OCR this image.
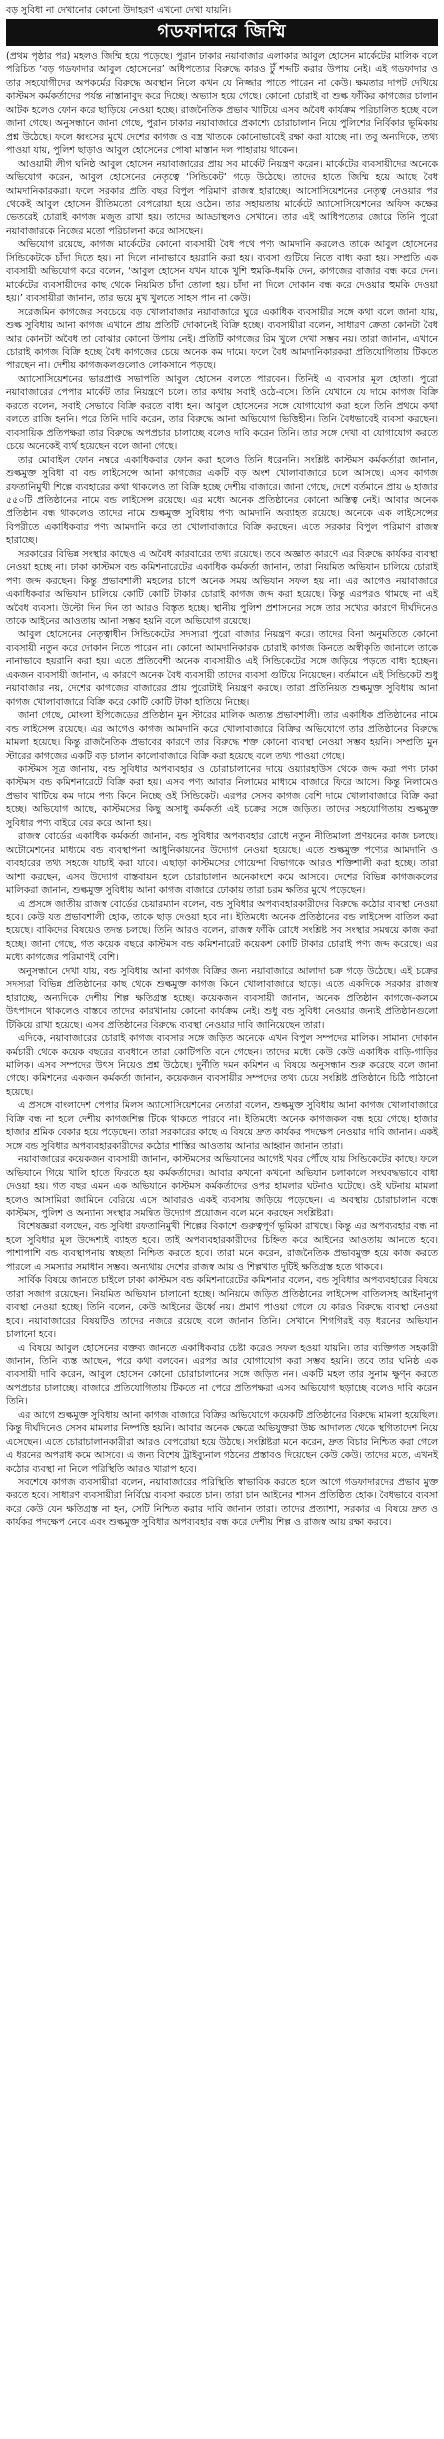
বড় সুবিধা না দেখানোর কোনো উদাহরণ এখনো দেখা যায়নি।
গডফাদারে জিম্মি

(প্রথম পৃষ্ঠার পর) মহলও জিম্মি হয়ে পড়েছে। পুরান ঢাকার নয়াবাজার এলাকার আবুল হোসেন মার্কেটের মালিক বলে পরিচিত ‘বড় গডফাদার আবুল হোসেনের’ অধিপত্যের বিরুদ্ধে কারও টুঁ শব্দটি করার উপায় নেই। এই গডফাদার ও তার সহযোগীদের অপকর্মের বিরুদ্ধে অবস্থান নিলে কখন যে নিজ্জার পাতে পারেন না কেউ। ক্ষমতার দাপট দেখিয়ে কাস্টমস কর্মকর্তাদের পর্যন্ত নাস্তানাবুদ করে দিচ্ছে। অভ্যাস হয়ে গেছে। কোনো চোরাই বা শুল্ক ফাঁকির কাগজের চালান আটক হলেও ফোন করে ছাড়িয়ে নেওয়া হচ্ছে। রাজনৈতিক প্রভাব খাটিয়ে এসব অবৈধ কার্যক্রম পরিচালিত হচ্ছে বলে জানা গেছে। অনুসন্ধানে জানা গেছে, পুরান ঢাকার নয়াবাজারে প্রকাশ্যে চোরাচালান নিয়ে পুলিশের নির্বিকার ভূমিকায় প্রশ্ন উঠেছে। ফলে ধ্বংসের মুখে দেশের কাগজ ও বস্ত্র খাতকে কোনোভাবেই রক্ষা করা যাচ্ছে না। তবু অন্যদিকে, তথ্য পাওয়া যায়, পুলিশ ছাড়াও আবুল হোসেনের পোষা মাস্তান দল পাহারায় থাকেন।

আওয়ামী লীগ ঘনিষ্ঠ আবুল হোসেন নয়াবাজারের প্রায় সব মার্কেট নিয়ন্ত্রণ করেন। মার্কেটের ব্যবসায়ীদের অনেকে অভিযোগ করেন, আবুল হোসেনের নেতৃত্বে ‘সিন্ডিকেট’ গড়ে উঠেছে। তাদের হাতে জিম্মি হয়ে আছে বৈধ আমদানিকারকরা। ফলে সরকার প্রতি বছর বিপুল পরিমাণ রাজস্ব হারাচ্ছে। আসোসিয়েশনের নেতৃত্ব নেওয়ার পর থেকেই আবুল হোসেন রীতিমতো বেপরোয়া হয়ে ওঠেন। তার সহায়তায় মার্কেটে অ্যাসোসিয়েশনের অফিস কক্ষের ভেতরেই চোরাই কাগজ মজুত রাখা হয়। তাদের আড্ডাস্থলও সেখানে। তার এই আধিপত্যের জোরে তিনি পুরো নয়াবাজারকে নিজের মতো পরিচালনা করে আসছেন।

অভিযোগ রয়েছে, কাগজ মার্কেটের কোনো ব্যবসায়ী বৈধ পথে পণ্য আমদানি করলেও তাকে আবুল হোসেনের সিন্ডিকেটকে চাঁদা দিতে হয়। না দিলে নানাভাবে হয়রানি করা হয়। ব্যবসা গুটিয়ে নিতে বাধ্য করা হয়। সম্প্রতি এক ব্যবসায়ী অভিযোগ করে বলেন, ‘আবুল হোসেন যখন যাকে খুশি হুমকি-ধমকি দেন, কাগজের বাজার বন্ধ করে দেন। মার্কেটের ব্যবসায়ীদের কাছ থেকে নিয়মিত চাঁদা তোলা হয়। চাঁদা না দিলে দোকান বন্ধ করে দেওয়ার হুমকি দেওয়া হয়।’ ব্যবসায়ীরা জানান, তার ভয়ে মুখ খুলতে সাহস পান না কেউ।

সরেজমিন কাগজের সবচেয়ে বড় খোলাবাজার নয়াবাজারে ঘুরে একাধিক ব্যবসায়ীর সঙ্গে কথা বলে জানা যায়, শুল্ক সুবিধায় আনা কাগজ এখানে প্রায় প্রতিটি দোকানেই বিক্রি হচ্ছে। ব্যবসায়ীরা বলেন, সাধারণ ক্রেতা কোনটা বৈধ আর কোনটা অবৈধ তা বোঝার কোনো উপায় নেই। প্রতিটি কাগজের রিম খুলে দেখা সম্ভব নয়। তারা জানান, এখানে চোরাই কাগজ বিক্রি হচ্ছে বৈধ কাগজের চেয়ে অনেক কম দামে। ফলে বৈধ আমদানিকারকরা প্রতিযোগিতায় টিকতে পারছেন না। দেশীয় কাগজকলগুলোও লোকসানে পড়ছে।

অ্যাসোসিয়েশনের ভারপ্রাপ্ত সভাপতি আবুল হোসেন বলতে পারবেন। তিনিই এ ব্যবসার মূল হোতা। পুরো নয়াবাজারের পেপার মার্কেট তার নিয়ন্ত্রণে চলে। তার কথায় সবাই ওঠে-বসে। তিনি যেখানে যে দামে কাগজ বিক্রি করতে বলেন, সবাই সেভাবে বিক্রি করতে বাধ্য হন। আবুল হোসেনের সঙ্গে যোগাযোগ করা হলে তিনি প্রথমে কথা বলতে রাজি হননি। পরে তিনি দাবি করেন, তার বিরুদ্ধে আনা অভিযোগ ভিত্তিহীন। তিনি বৈধভাবেই ব্যবসা করছেন। ব্যবসায়িক প্রতিপক্ষরা তার বিরুদ্ধে অপপ্রচার চালাচ্ছে বলেও দাবি করেন তিনি। তার সঙ্গে দেখা বা যোগাযোগ করতে চেয়ে অনেকেই ব্যর্থ হয়েছেন বলে জানা গেছে।

তার মোবাইল ফোন নম্বরে একাধিকবার ফোন করা হলেও তিনি ধরেননি। সংশ্লিষ্ট কাস্টমস কর্মকর্তারা জানান, শুল্কমুক্ত সুবিধা বা বন্ড লাইসেন্সে আনা কাগজের একটি বড় অংশ খোলাবাজারে চলে আসছে। এসব কাগজ রফতানিমুখী শিল্পে ব্যবহারের কথা থাকলেও তা বিক্রি হচ্ছে দেশীয় বাজারে। জানা গেছে, দেশে বর্তমানে প্রায় ৬ হাজার ৫৫০টি প্রতিষ্ঠানের নামে বন্ড লাইসেন্স রয়েছে। এর মধ্যে অনেক প্রতিষ্ঠানের কোনো অস্তিত্ব নেই। আবার অনেক প্রতিষ্ঠান বন্ধ থাকলেও তাদের নামে শুল্কমুক্ত সুবিধায় পণ্য আমদানি অব্যাহত রয়েছে। অনেকে এক লাইসেন্সের বিপরীতে একাধিকবার পণ্য আমদানি করে তা খোলাবাজারে বিক্রি করছেন। এতে সরকার বিপুল পরিমাণ রাজস্ব হারাচ্ছে।

সরকারের বিভিন্ন সংস্থার কাছেও এ অবৈধ কারবারের তথ্য রয়েছে। তবে অজ্ঞাত কারণে এর বিরুদ্ধে কার্যকর ব্যবস্থা নেওয়া হচ্ছে না। ঢাকা কাস্টমস বন্ড কমিশনারেটের একাধিক কর্মকর্তা জানান, তারা নিয়মিত অভিযান চালিয়ে চোরাই পণ্য জব্দ করছেন। কিন্তু প্রভাবশালী মহলের চাপে অনেক সময় অভিযান সফল হয় না। এর আগেও নয়াবাজারে একাধিকবার অভিযান চালিয়ে কোটি কোটি টাকার চোরাই কাগজ জব্দ করা হয়েছে। কিন্তু এরপরও থামছে না এই অবৈধ ব্যবসা। উল্টো দিন দিন তা আরও বিস্তৃত হচ্ছে। স্থানীয় পুলিশ প্রশাসনের সঙ্গে তার সখ্যের কারণে দীর্ঘদিনেও তাকে আইনের আওতায় আনা সম্ভব হয়নি বলে অভিযোগ রয়েছে।

আবুল হোসেনের নেতৃত্বাধীন সিন্ডিকেটের সদস্যরা পুরো বাজার নিয়ন্ত্রণ করে। তাদের বিনা অনুমতিতে কোনো ব্যবসায়ী নতুন করে দোকান নিতে পারেন না। কোনো আমদানিকারক চোরাই কাগজ কিনতে অস্বীকৃতি জানালে তাকে নানাভাবে হয়রানি করা হয়। এতে প্রতিবেশী অনেক ব্যবসায়ীও এই সিন্ডিকেটের সঙ্গে জড়িয়ে পড়তে বাধ্য হচ্ছেন। একজন ব্যবসায়ী জানান, এ কারণে অনেক বৈধ ব্যবসায়ী তাদের ব্যবসা গুটিয়ে নিয়েছেন। বর্তমানে এই সিন্ডিকেট শুধু নয়াবাজার নয়, দেশের কাগজের বাজারের প্রায় পুরোটাই নিয়ন্ত্রণ করছে। তারা প্রতিনিয়ত শুল্কমুক্ত সুবিধায় আনা কাগজ খোলাবাজারে বিক্রি করে কোটি কোটি টাকা হাতিয়ে নিচ্ছে।

জানা গেছে, মোংলা ইপিজেডের প্রতিষ্ঠান মুন স্টারের মালিক অত্যন্ত প্রভাবশালী। তার একাধিক প্রতিষ্ঠানের নামে বন্ড লাইসেন্স রয়েছে। এর আগেও কাগজ আমদানি করে খোলাবাজারে বিক্রির অভিযোগে তার প্রতিষ্ঠানের বিরুদ্ধে মামলা হয়েছে। কিন্তু রাজনৈতিক প্রভাবের কারণে তার বিরুদ্ধে শক্ত কোনো ব্যবস্থা নেওয়া সম্ভব হয়নি। সম্প্রতি মুন স্টারের কাগজের একটি বড় চালান কালোবাজারে বিক্রি করা হয়েছে বলে তথ্য পাওয়া গেছে।

কাস্টমস সূত্র জানায়, বন্ড সুবিধার অপব্যবহার ও চোরাচালানের দায়ে ওয়্যারহাউস থেকে জব্দ করা পণ্য ঢাকা কাস্টমস বন্ড কমিশনারেটে বিক্রি করা হয়। এসব পণ্য আবার নিলামের মাধ্যমে বাজারে ফিরে আসে। কিন্তু নিলামেও প্রভাব খাটিয়ে কম দামে পণ্য কিনে নিচ্ছে ওই সিন্ডিকেট। এরপর সেসব কাগজ বেশি দামে খোলাবাজারে বিক্রি করা হচ্ছে। অভিযোগ আছে, কাস্টমসের কিছু অসাধু কর্মকর্তা এই চক্রের সঙ্গে জড়িত। তাদের সহযোগিতায় শুল্কমুক্ত সুবিধার পণ্য বাইরে বের করে আনা হয়।

রাজস্ব বোর্ডের একাধিক কর্মকর্তা জানান, বন্ড সুবিধার অপব্যবহার রোধে নতুন নীতিমালা প্রণয়নের কাজ চলছে। অটোমেশনের মাধ্যমে বন্ড ব্যবস্থাপনা আধুনিকায়নের উদ্যোগ নেওয়া হয়েছে। এতে শুল্কমুক্ত পণ্যের আমদানি ও ব্যবহারের তথ্য সহজে যাচাই করা যাবে। এছাড়া কাস্টমসের গোয়েন্দা বিভাগকে আরও শক্তিশালী করা হচ্ছে। তারা আশা করছেন, এসব উদ্যোগ বাস্তবায়ন হলে চোরাচালান অনেকাংশে কমে আসবে। দেশের বিভিন্ন কাগজকলের মালিকরা জানান, শুল্কমুক্ত সুবিধায় আনা কাগজ বাজারে ঢোকায় তারা চরম ক্ষতির মুখে পড়েছেন।

এ প্রসঙ্গে জাতীয় রাজস্ব বোর্ডের চেয়ারম্যান বলেন, বন্ড সুবিধার অপব্যবহারকারীদের বিরুদ্ধে কঠোর ব্যবস্থা নেওয়া হবে। কেউ যত প্রভাবশালী হোক, তাকে ছাড় দেওয়া হবে না। ইতিমধ্যে অনেক প্রতিষ্ঠানের বন্ড লাইসেন্স বাতিল করা হয়েছে। বাকিদের বিষয়েও তদন্ত চলছে। তিনি আরও বলেন, রাজস্ব ফাঁকি রোধে সংশ্লিষ্ট সব সংস্থার সমন্বয়ে কাজ করা হচ্ছে। জানা গেছে, গত কয়েক বছরে কাস্টমস বন্ড কমিশনারেট কয়েকশ কোটি টাকার চোরাই পণ্য জব্দ করেছে। এর মধ্যে কাগজের পরিমাণই বেশি।

অনুসন্ধানে দেখা যায়, বন্ড সুবিধায় আনা কাগজ বিক্রির জন্য নয়াবাজারে আলাদা চক্র গড়ে উঠেছে। এই চক্রের সদস্যরা বিভিন্ন প্রতিষ্ঠানের কাছ থেকে শুল্কমুক্ত কাগজ কিনে খোলাবাজারে ছাড়ে। এতে একদিকে সরকার রাজস্ব হারাচ্ছে, অন্যদিকে দেশীয় শিল্প ক্ষতিগ্রস্ত হচ্ছে। কয়েকজন ব্যবসায়ী জানান, অনেক প্রতিষ্ঠান কাগজে-কলমে উৎপাদনে থাকলেও বাস্তবে তাদের কারখানায় কোনো কার্যক্রম নেই। শুধু বন্ড সুবিধা নেওয়ার জন্যই প্রতিষ্ঠানগুলো টিকিয়ে রাখা হয়েছে। এসব প্রতিষ্ঠানের বিরুদ্ধে ব্যবস্থা নেওয়ার দাবি জানিয়েছেন তারা।

এদিকে, নয়াবাজারের চোরাই কাগজ ব্যবসার সঙ্গে জড়িত অনেকে এখন বিপুল সম্পদের মালিক। সামান্য দোকান কর্মচারী থেকে কয়েক বছরের ব্যবধানে তারা কোটিপতি বনে গেছেন। তাদের মধ্যে কেউ কেউ একাধিক বাড়ি-গাড়ির মালিক। এসব সম্পদের উৎস নিয়েও প্রশ্ন উঠেছে। দুর্নীতি দমন কমিশন এ বিষয়ে অনুসন্ধান শুরু করেছে বলে জানা গেছে। কমিশনের একজন কর্মকর্তা জানান, কয়েকজন ব্যবসায়ীর সম্পদের তথ্য চেয়ে সংশ্লিষ্ট প্রতিষ্ঠানে চিঠি পাঠানো হয়েছে।

এ প্রসঙ্গে বাংলাদেশ পেপার মিলস অ্যাসোসিয়েশনের নেতারা বলেন, শুল্কমুক্ত সুবিধায় আনা কাগজ খোলাবাজারে বিক্রি বন্ধ না হলে দেশীয় কাগজশিল্প টিকে থাকতে পারবে না। ইতিমধ্যে অনেক কাগজকল বন্ধ হয়ে গেছে। হাজার হাজার শ্রমিক বেকার হয়ে পড়েছেন। তারা সরকারের কাছে এ বিষয়ে দ্রুত কার্যকর পদক্ষেপ নেওয়ার দাবি জানান। একই সঙ্গে বন্ড সুবিধার অপব্যবহারকারীদের কঠোর শাস্তির আওতায় আনার আহ্বান জানান তারা।

নয়াবাজারের কয়েকজন ব্যবসায়ী জানান, কাস্টমসের অভিযানের আগেই খবর পৌঁছে যায় সিন্ডিকেটের কাছে। ফলে অভিযানে গিয়ে খালি হাতে ফিরতে হয় কর্মকর্তাদের। আবার কখনো কখনো অভিযান চলাকালে সংঘবদ্ধভাবে বাধা দেওয়া হয়। গত বছর এমন এক অভিযানে কাস্টমস কর্মকর্তাদের ওপর হামলার ঘটনাও ঘটেছে। ওই ঘটনায় মামলা হলেও আসামিরা জামিনে বেরিয়ে এসে আবারও একই ব্যবসায় জড়িয়ে পড়েছেন। এ অবস্থায় চোরাচালান বন্ধে কাস্টমস, পুলিশ ও অন্যান্য সংস্থার সমন্বিত উদ্যোগ প্রয়োজন বলে মনে করছেন সংশ্লিষ্টরা।

বিশেষজ্ঞরা বলছেন, বন্ড সুবিধা রফতানিমুখী শিল্পের বিকাশে গুরুত্বপূর্ণ ভূমিকা রাখছে। কিন্তু এর অপব্যবহার বন্ধ না হলে সুবিধার মূল উদ্দেশ্যই ব্যাহত হবে। তাই অপব্যবহারকারীদের চিহ্নিত করে আইনের আওতায় আনতে হবে। পাশাপাশি বন্ড ব্যবস্থাপনায় স্বচ্ছতা নিশ্চিত করতে হবে। তারা মনে করেন, রাজনৈতিক প্রভাবমুক্ত হয়ে কাজ করতে পারলে এ সমস্যার সমাধান সম্ভব। অন্যথায় দেশের রাজস্ব আয় ও শিল্পখাত দুটিই ক্ষতিগ্রস্ত হতে থাকবে।

সার্বিক বিষয়ে জানতে চাইলে ঢাকা কাস্টমস বন্ড কমিশনারেটের কমিশনার বলেন, বন্ড সুবিধার অপব্যবহারের বিষয়ে তারা সজাগ রয়েছেন। নিয়মিত অভিযান চালানো হচ্ছে। অনিয়মে জড়িত প্রতিষ্ঠানের লাইসেন্স বাতিলসহ আইনানুগ ব্যবস্থা নেওয়া হচ্ছে। তিনি বলেন, কেউ আইনের ঊর্ধ্বে নয়। প্রমাণ পাওয়া গেলে যে কারও বিরুদ্ধে ব্যবস্থা নেওয়া হবে। নয়াবাজারের বিষয়টিও তাদের নজরে রয়েছে বলে জানান তিনি। সেখানে শিগগিরই বড় ধরনের অভিযান চালানো হবে।

এ বিষয়ে আবুল হোসেনের বক্তব্য জানতে একাধিকবার চেষ্টা করেও সফল হওয়া যায়নি। তার ব্যক্তিগত সহকারী জানান, তিনি ব্যস্ত আছেন, পরে কথা বলবেন। এরপর আর যোগাযোগ করা সম্ভব হয়নি। তবে তার ঘনিষ্ঠ এক ব্যবসায়ী দাবি করেন, আবুল হোসেন কোনো চোরাচালানের সঙ্গে জড়িত নন। একটি মহল তার সুনাম ক্ষুণ্ন করতে অপপ্রচার চালাচ্ছে। বাজারে প্রতিযোগিতায় টিকতে না পেরে প্রতিপক্ষরা এসব অভিযোগ ছড়াচ্ছে বলেও দাবি করেন তিনি।

এর আগে শুল্কমুক্ত সুবিধায় আনা কাগজ বাজারে বিক্রির অভিযোগে কয়েকটি প্রতিষ্ঠানের বিরুদ্ধে মামলা হয়েছিল। কিন্তু দীর্ঘদিনেও সেসব মামলার নিষ্পত্তি হয়নি। আবার অনেক ক্ষেত্রে অভিযুক্তরা উচ্চ আদালত থেকে স্থগিতাদেশ নিয়ে এসেছেন। এতে চোরাচালানকারীরা আরও বেপরোয়া হয়ে উঠছে। সংশ্লিষ্টরা মনে করেন, দ্রুত বিচার নিশ্চিত করা গেলে এ ধরনের অপরাধ কমে আসবে। এ জন্য বিশেষ ট্রাইব্যুনাল গঠনের প্রস্তাবও দিয়েছেন কেউ কেউ। তাদের মতে, এখনই কঠোর ব্যবস্থা না নিলে পরিস্থিতি আরও খারাপ হবে।

সবশেষে কাগজ ব্যবসায়ীরা বলেন, নয়াবাজারের পরিস্থিতি স্বাভাবিক করতে হলে আগে গডফাদারদের প্রভাব মুক্ত করতে হবে। সাধারণ ব্যবসায়ীরা নির্বিঘ্নে ব্যবসা করতে চান। তারা চান আইনের শাসন প্রতিষ্ঠিত হোক। বৈধভাবে ব্যবসা করে কেউ যেন ক্ষতিগ্রস্ত না হন, সেটি নিশ্চিত করার দাবি জানান তারা। তাদের প্রত্যাশা, সরকার এ বিষয়ে দ্রুত ও কার্যকর পদক্ষেপ নেবে এবং শুল্কমুক্ত সুবিধার অপব্যবহার বন্ধ করে দেশীয় শিল্প ও রাজস্ব আয় রক্ষা করবে।
